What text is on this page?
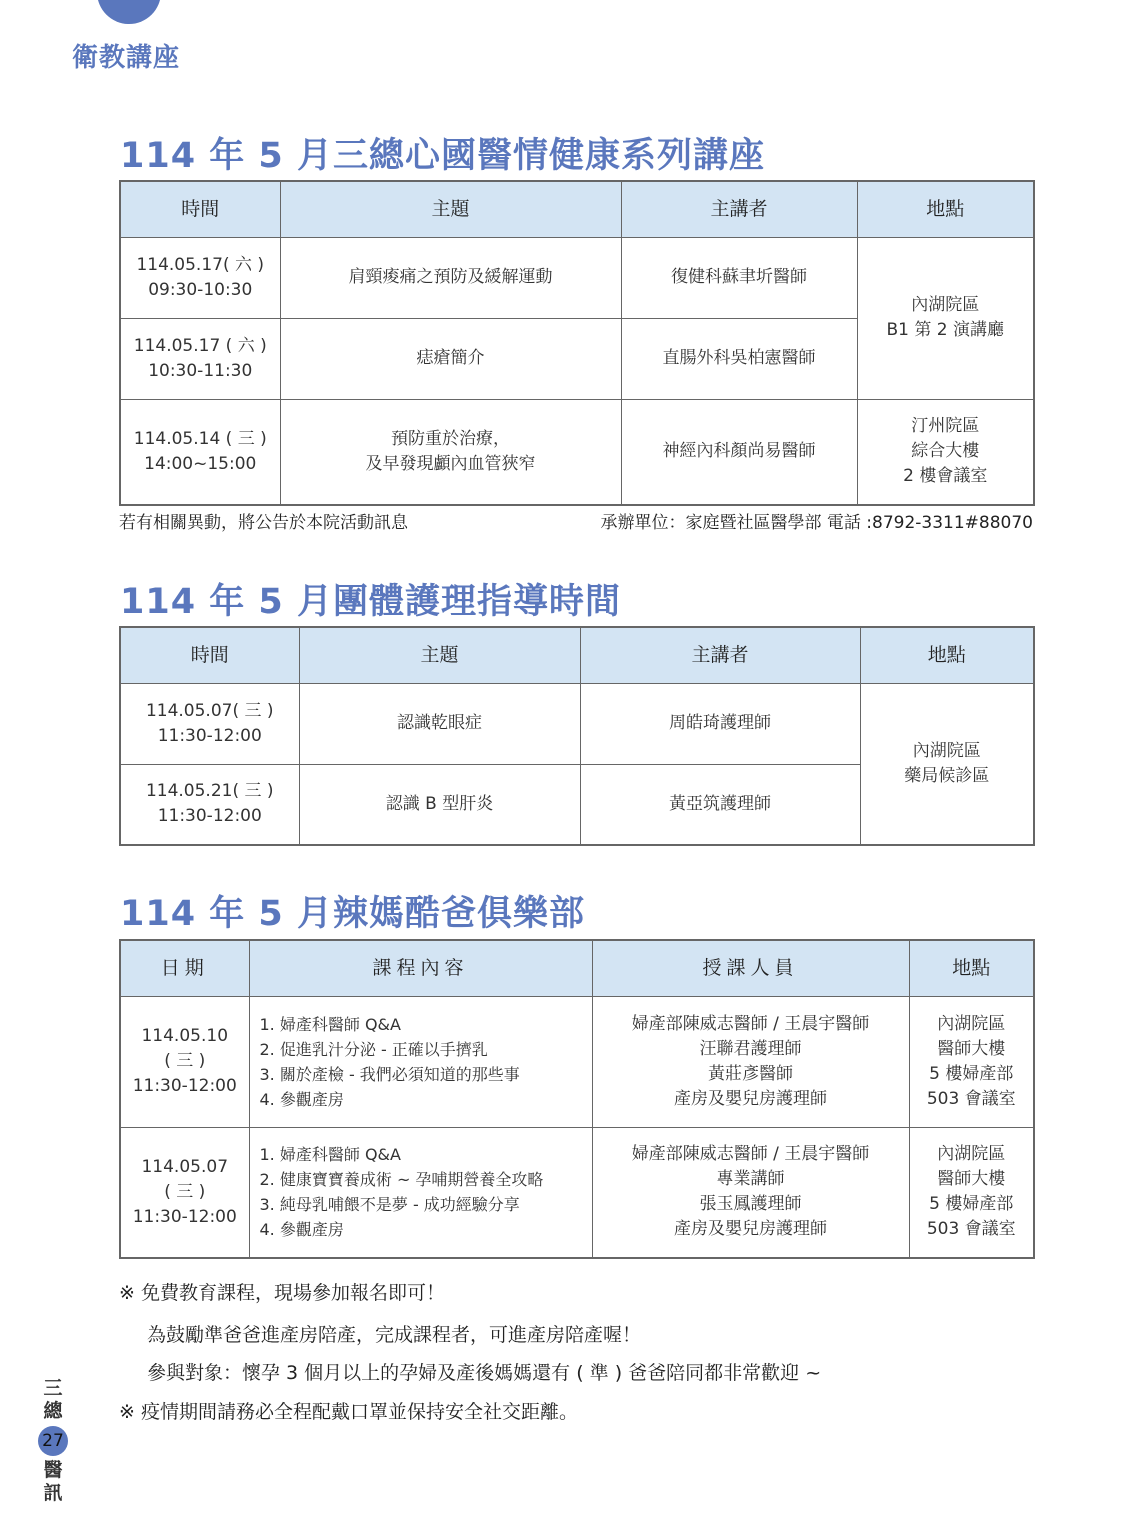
衛教講座
114 年 5 月三總心國醫情健康系列講座
時間	主題	主講者	地點

114.05.17( 六 )
09:30-10:30	肩頸痠痛之預防及緩解運動	復健科蘇聿圻醫師	內湖院區
B1 第 2 演講廳

114.05.17 ( 六 )
10:30-11:30	痣瘡簡介	直腸外科吳柏憲醫師	

114.05.14 ( 三 )
14:00~15:00	預防重於治療，
及早發現顱內血管狹窄	神經內科顏尚易醫師	汀州院區
綜合大樓
2 樓會議室
若有相關異動，將公告於本院活動訊息	承辦單位：家庭暨社區醫學部 電話 :8792-3311#88070
114 年 5 月團體護理指導時間
時間	主題	主講者	地點

114.05.07( 三 )
11:30-12:00	認識乾眼症	周皓琦護理師	內湖院區
藥局候診區

114.05.21( 三 )
11:30-12:00	認識 B 型肝炎	黃亞筑護理師	
114 年 5 月辣媽酷爸俱樂部
日期	課程內容	授課人員	地點

114.05.10
( 三 )
11:30-12:00	1. 婦產科醫師 Q&A
2. 促進乳汁分泌 - 正確以手擠乳
3. 關於產檢 - 我們必須知道的那些事
4. 參觀產房	婦產部陳威志醫師 / 王晨宇醫師
汪聯君護理師
黃莊彥醫師
產房及嬰兒房護理師	內湖院區
醫師大樓
5 樓婦產部
503 會議室

114.05.07
( 三 )
11:30-12:00	1. 婦產科醫師 Q&A
2. 健康寶寶養成術 ~ 孕哺期營養全攻略
3. 純母乳哺餵不是夢 - 成功經驗分享
4. 參觀產房	婦產部陳威志醫師 / 王晨宇醫師
專業講師
張玉鳳護理師
產房及嬰兒房護理師	內湖院區
醫師大樓
5 樓婦產部
503 會議室
※ 免費教育課程，現場參加報名即可！
為鼓勵準爸爸進產房陪產，完成課程者，可進產房陪產喔！
參與對象：懷孕 3 個月以上的孕婦及產後媽媽還有 ( 準 ) 爸爸陪同都非常歡迎 ~
※ 疫情期間請務必全程配戴口罩並保持安全社交距離。
三
總
27
醫
訊
